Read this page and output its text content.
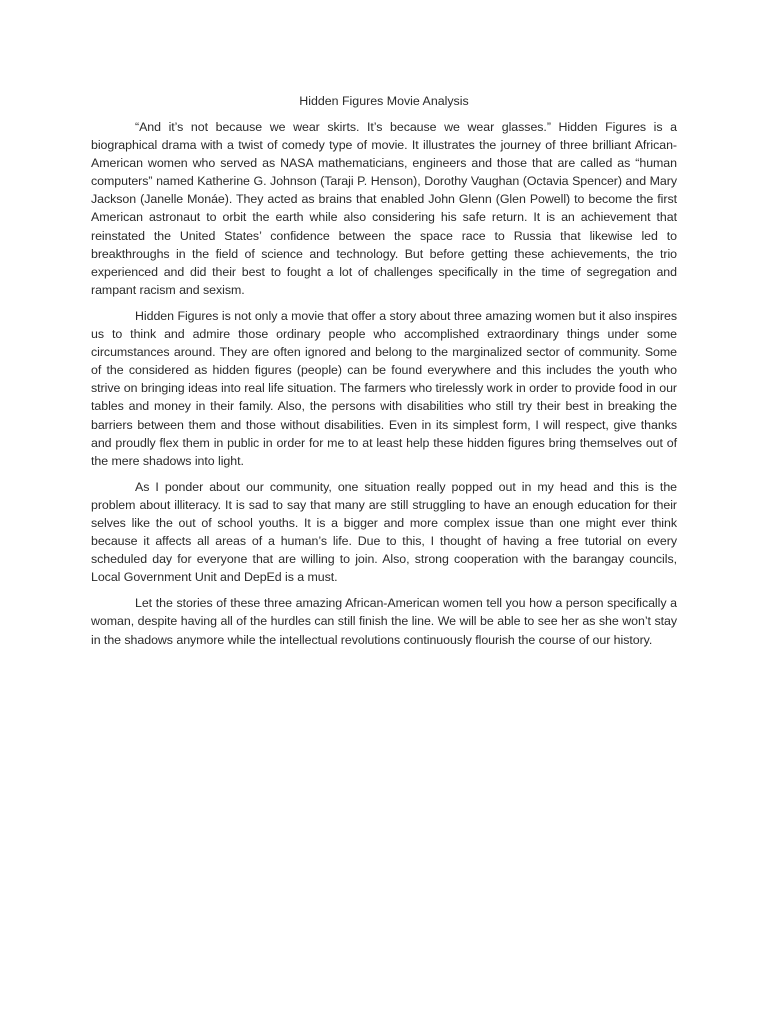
Hidden Figures Movie Analysis

“And it’s not because we wear skirts. It’s because we wear glasses.” Hidden Figures is a biographical drama with a twist of comedy type of movie. It illustrates the journey of three brilliant African-American women who served as NASA mathematicians, engineers and those that are called as “human computers” named Katherine G. Johnson (Taraji P. Henson), Dorothy Vaughan (Octavia Spencer) and Mary Jackson (Janelle Monáe). They acted as brains that enabled John Glenn (Glen Powell) to become the first American astronaut to orbit the earth while also considering his safe return. It is an achievement that reinstated the United States’ confidence between the space race to Russia that likewise led to breakthroughs in the field of science and technology. But before getting these achievements, the trio experienced and did their best to fought a lot of challenges specifically in the time of segregation and rampant racism and sexism.

Hidden Figures is not only a movie that offer a story about three amazing women but it also inspires us to think and admire those ordinary people who accomplished extraordinary things under some circumstances around. They are often ignored and belong to the marginalized sector of community. Some of the considered as hidden figures (people) can be found everywhere and this includes the youth who strive on bringing ideas into real life situation. The farmers who tirelessly work in order to provide food in our tables and money in their family. Also, the persons with disabilities who still try their best in breaking the barriers between them and those without disabilities. Even in its simplest form, I will respect, give thanks and proudly flex them in public in order for me to at least help these hidden figures bring themselves out of the mere shadows into light.

As I ponder about our community, one situation really popped out in my head and this is the problem about illiteracy. It is sad to say that many are still struggling to have an enough education for their selves like the out of school youths. It is a bigger and more complex issue than one might ever think because it affects all areas of a human’s life. Due to this, I thought of having a free tutorial on every scheduled day for everyone that are willing to join. Also, strong cooperation with the barangay councils, Local Government Unit and DepEd is a must.

Let the stories of these three amazing African-American women tell you how a person specifically a woman, despite having all of the hurdles can still finish the line. We will be able to see her as she won’t stay in the shadows anymore while the intellectual revolutions continuously flourish the course of our history.
